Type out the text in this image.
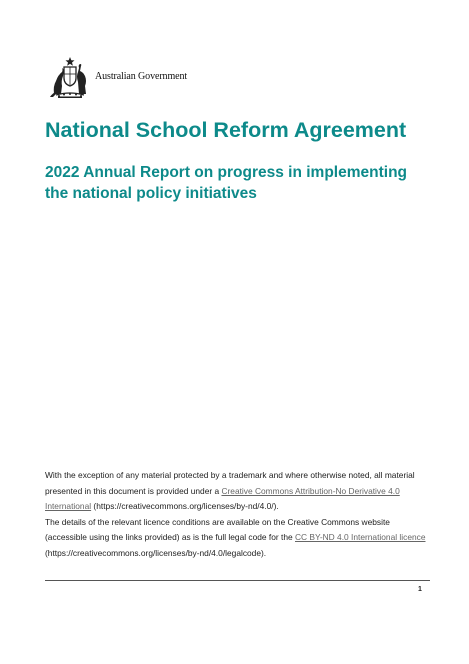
Australian Government
National School Reform Agreement
2022 Annual Report on progress in implementing the national policy initiatives

With the exception of any material protected by a trademark and where otherwise noted, all material presented in this document is provided under a Creative Commons Attribution-No Derivative 4.0 International (https://creativecommons.org/licenses/by-nd/4.0/).

The details of the relevant licence conditions are available on the Creative Commons website (accessible using the links provided) as is the full legal code for the CC BY-ND 4.0 International licence (https://creativecommons.org/licenses/by-nd/4.0/legalcode).

1
